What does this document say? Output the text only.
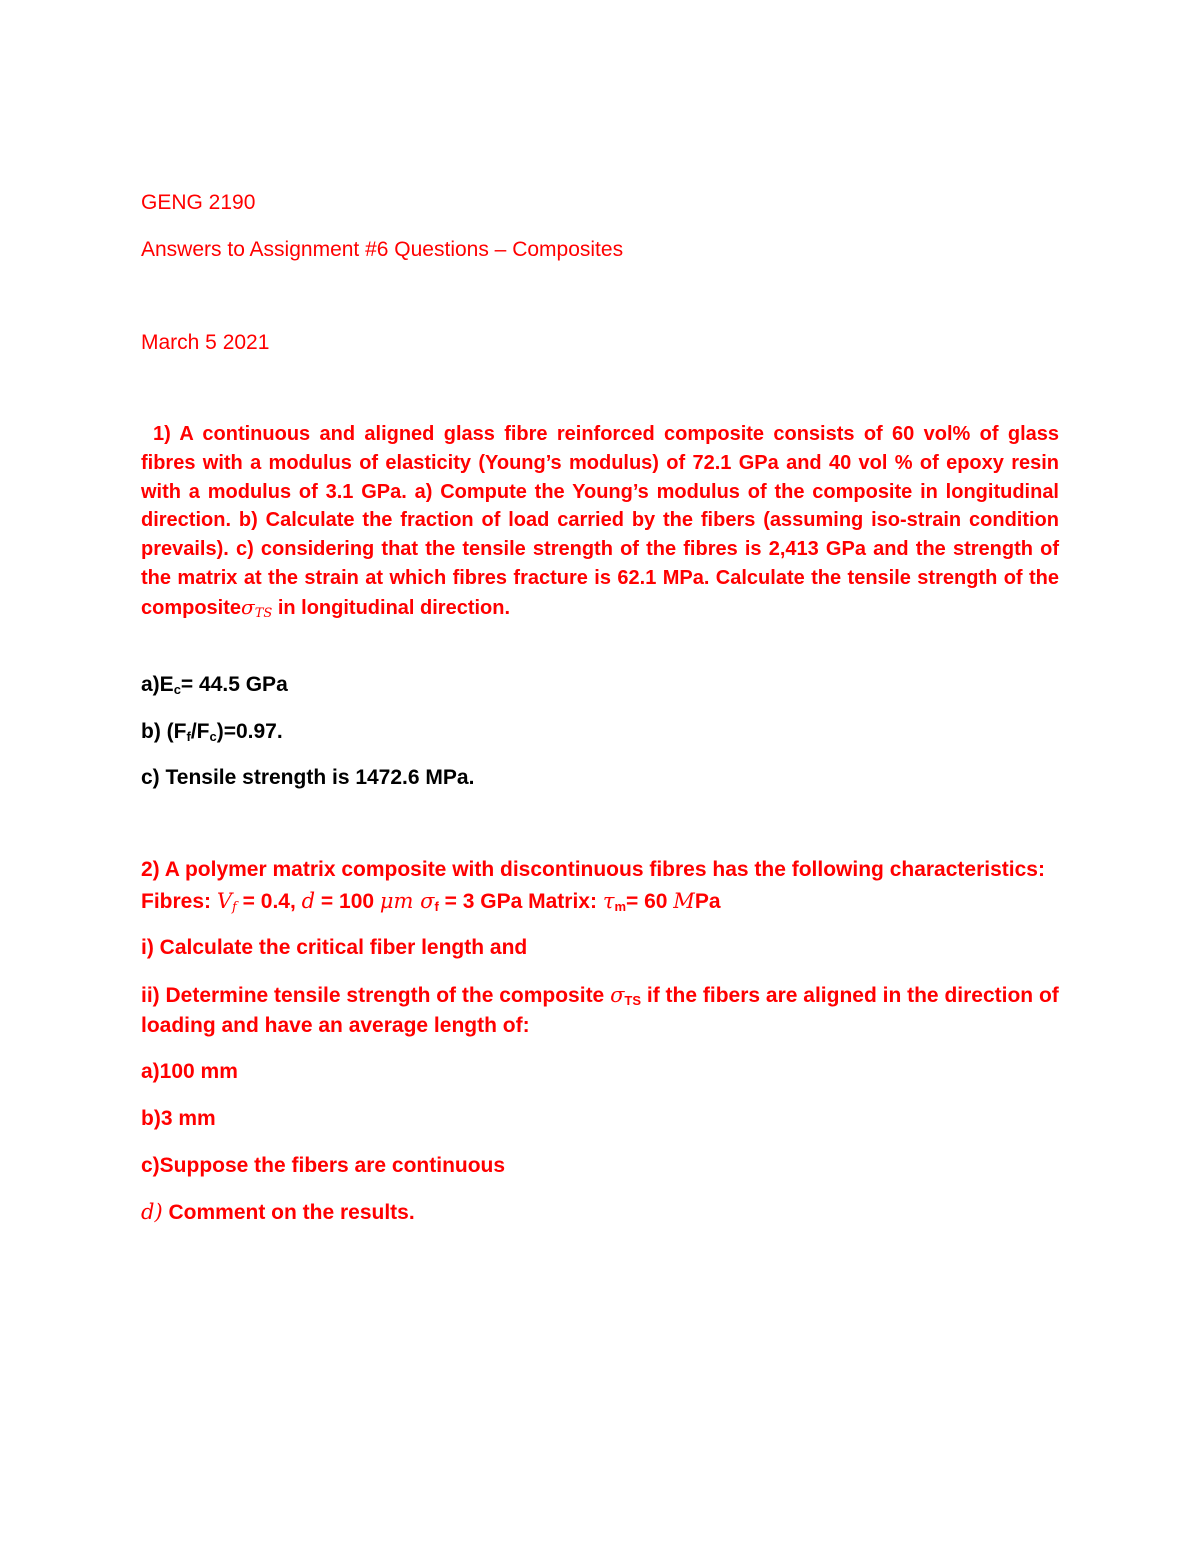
GENG 2190
Answers to Assignment #6 Questions – Composites
March 5 2021
1) A continuous and aligned glass fibre reinforced composite consists of 60 vol% of glass fibres with a modulus of elasticity (Young’s modulus) of 72.1 GPa and 40 vol % of epoxy resin with a modulus of 3.1 GPa. a) Compute the Young’s modulus of the composite in longitudinal direction. b) Calculate the fraction of load carried by the fibers (assuming iso-strain condition prevails). c) considering that the tensile strength of the fibres is 2,413 GPa and the strength of the matrix at the strain at which fibres fracture is 62.1 MPa. Calculate the tensile strength of the compositeσ$_{TS}$ in longitudinal direction.
$a)E_c= 44.5$ GPa
b) $(F_f/F_c)=0.97$.
c) Tensile strength is 1472.6 MPa.
2) A polymer matrix composite with discontinuous fibres has the following characteristics:
Fibres: $V_f = 0.4$, d = 100 μm $\sigma_f = 3$ GPa Matrix: $\tau_m= 60$ MPa
i) Calculate the critical fiber length and
ii) Determine tensile strength of the composite $\sigma_{TS}$ if the fibers are aligned in the direction of
loading and have an average length of:
a)100 mm
b)3 mm
c)Suppose the fibers are continuous
d) Comment on the results.
